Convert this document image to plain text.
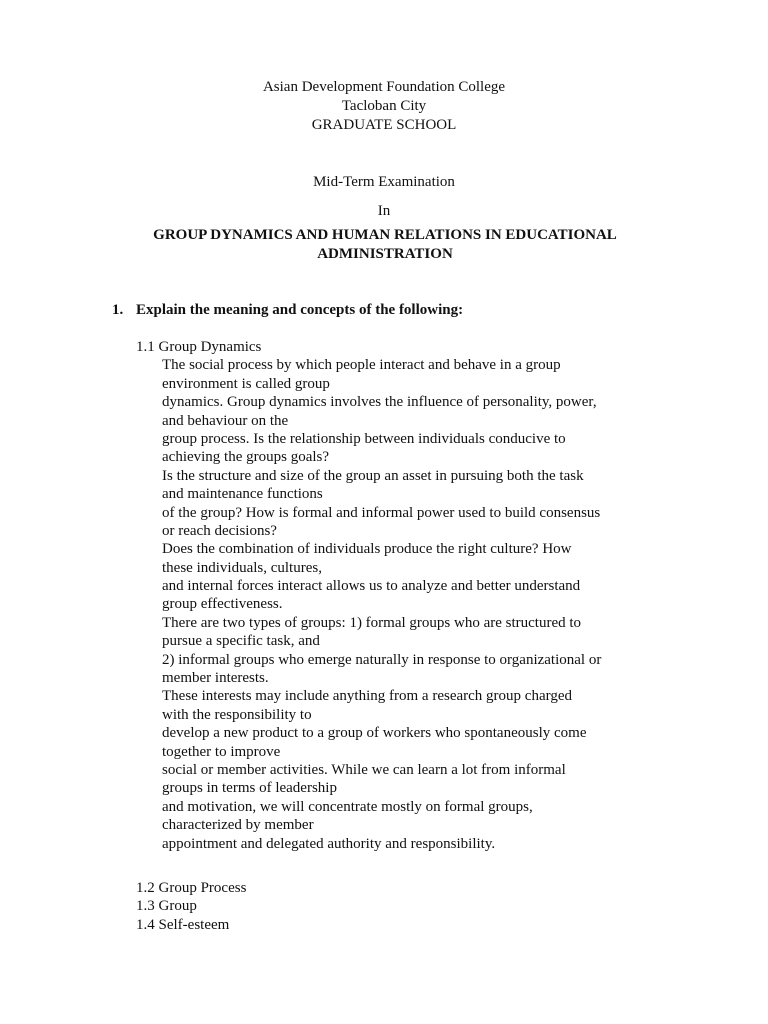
Asian Development Foundation College
Tacloban City
GRADUATE SCHOOL
Mid-Term Examination
In
GROUP DYNAMICS AND HUMAN RELATIONS IN EDUCATIONAL
ADMINISTRATION
1. Explain the meaning and concepts of the following:
1.1 Group Dynamics
The social process by which people interact and behave in a group
environment is called group
dynamics. Group dynamics involves the influence of personality, power,
and behaviour on the
group process. Is the relationship between individuals conducive to
achieving the groups goals?
Is the structure and size of the group an asset in pursuing both the task
and maintenance functions
of the group? How is formal and informal power used to build consensus
or reach decisions?
Does the combination of individuals produce the right culture? How
these individuals, cultures,
and internal forces interact allows us to analyze and better understand
group effectiveness.
There are two types of groups: 1) formal groups who are structured to
pursue a specific task, and
2) informal groups who emerge naturally in response to organizational or
member interests.
These interests may include anything from a research group charged
with the responsibility to
develop a new product to a group of workers who spontaneously come
together to improve
social or member activities. While we can learn a lot from informal
groups in terms of leadership
and motivation, we will concentrate mostly on formal groups,
characterized by member
appointment and delegated authority and responsibility.
1.2 Group Process
1.3 Group
1.4 Self-esteem
